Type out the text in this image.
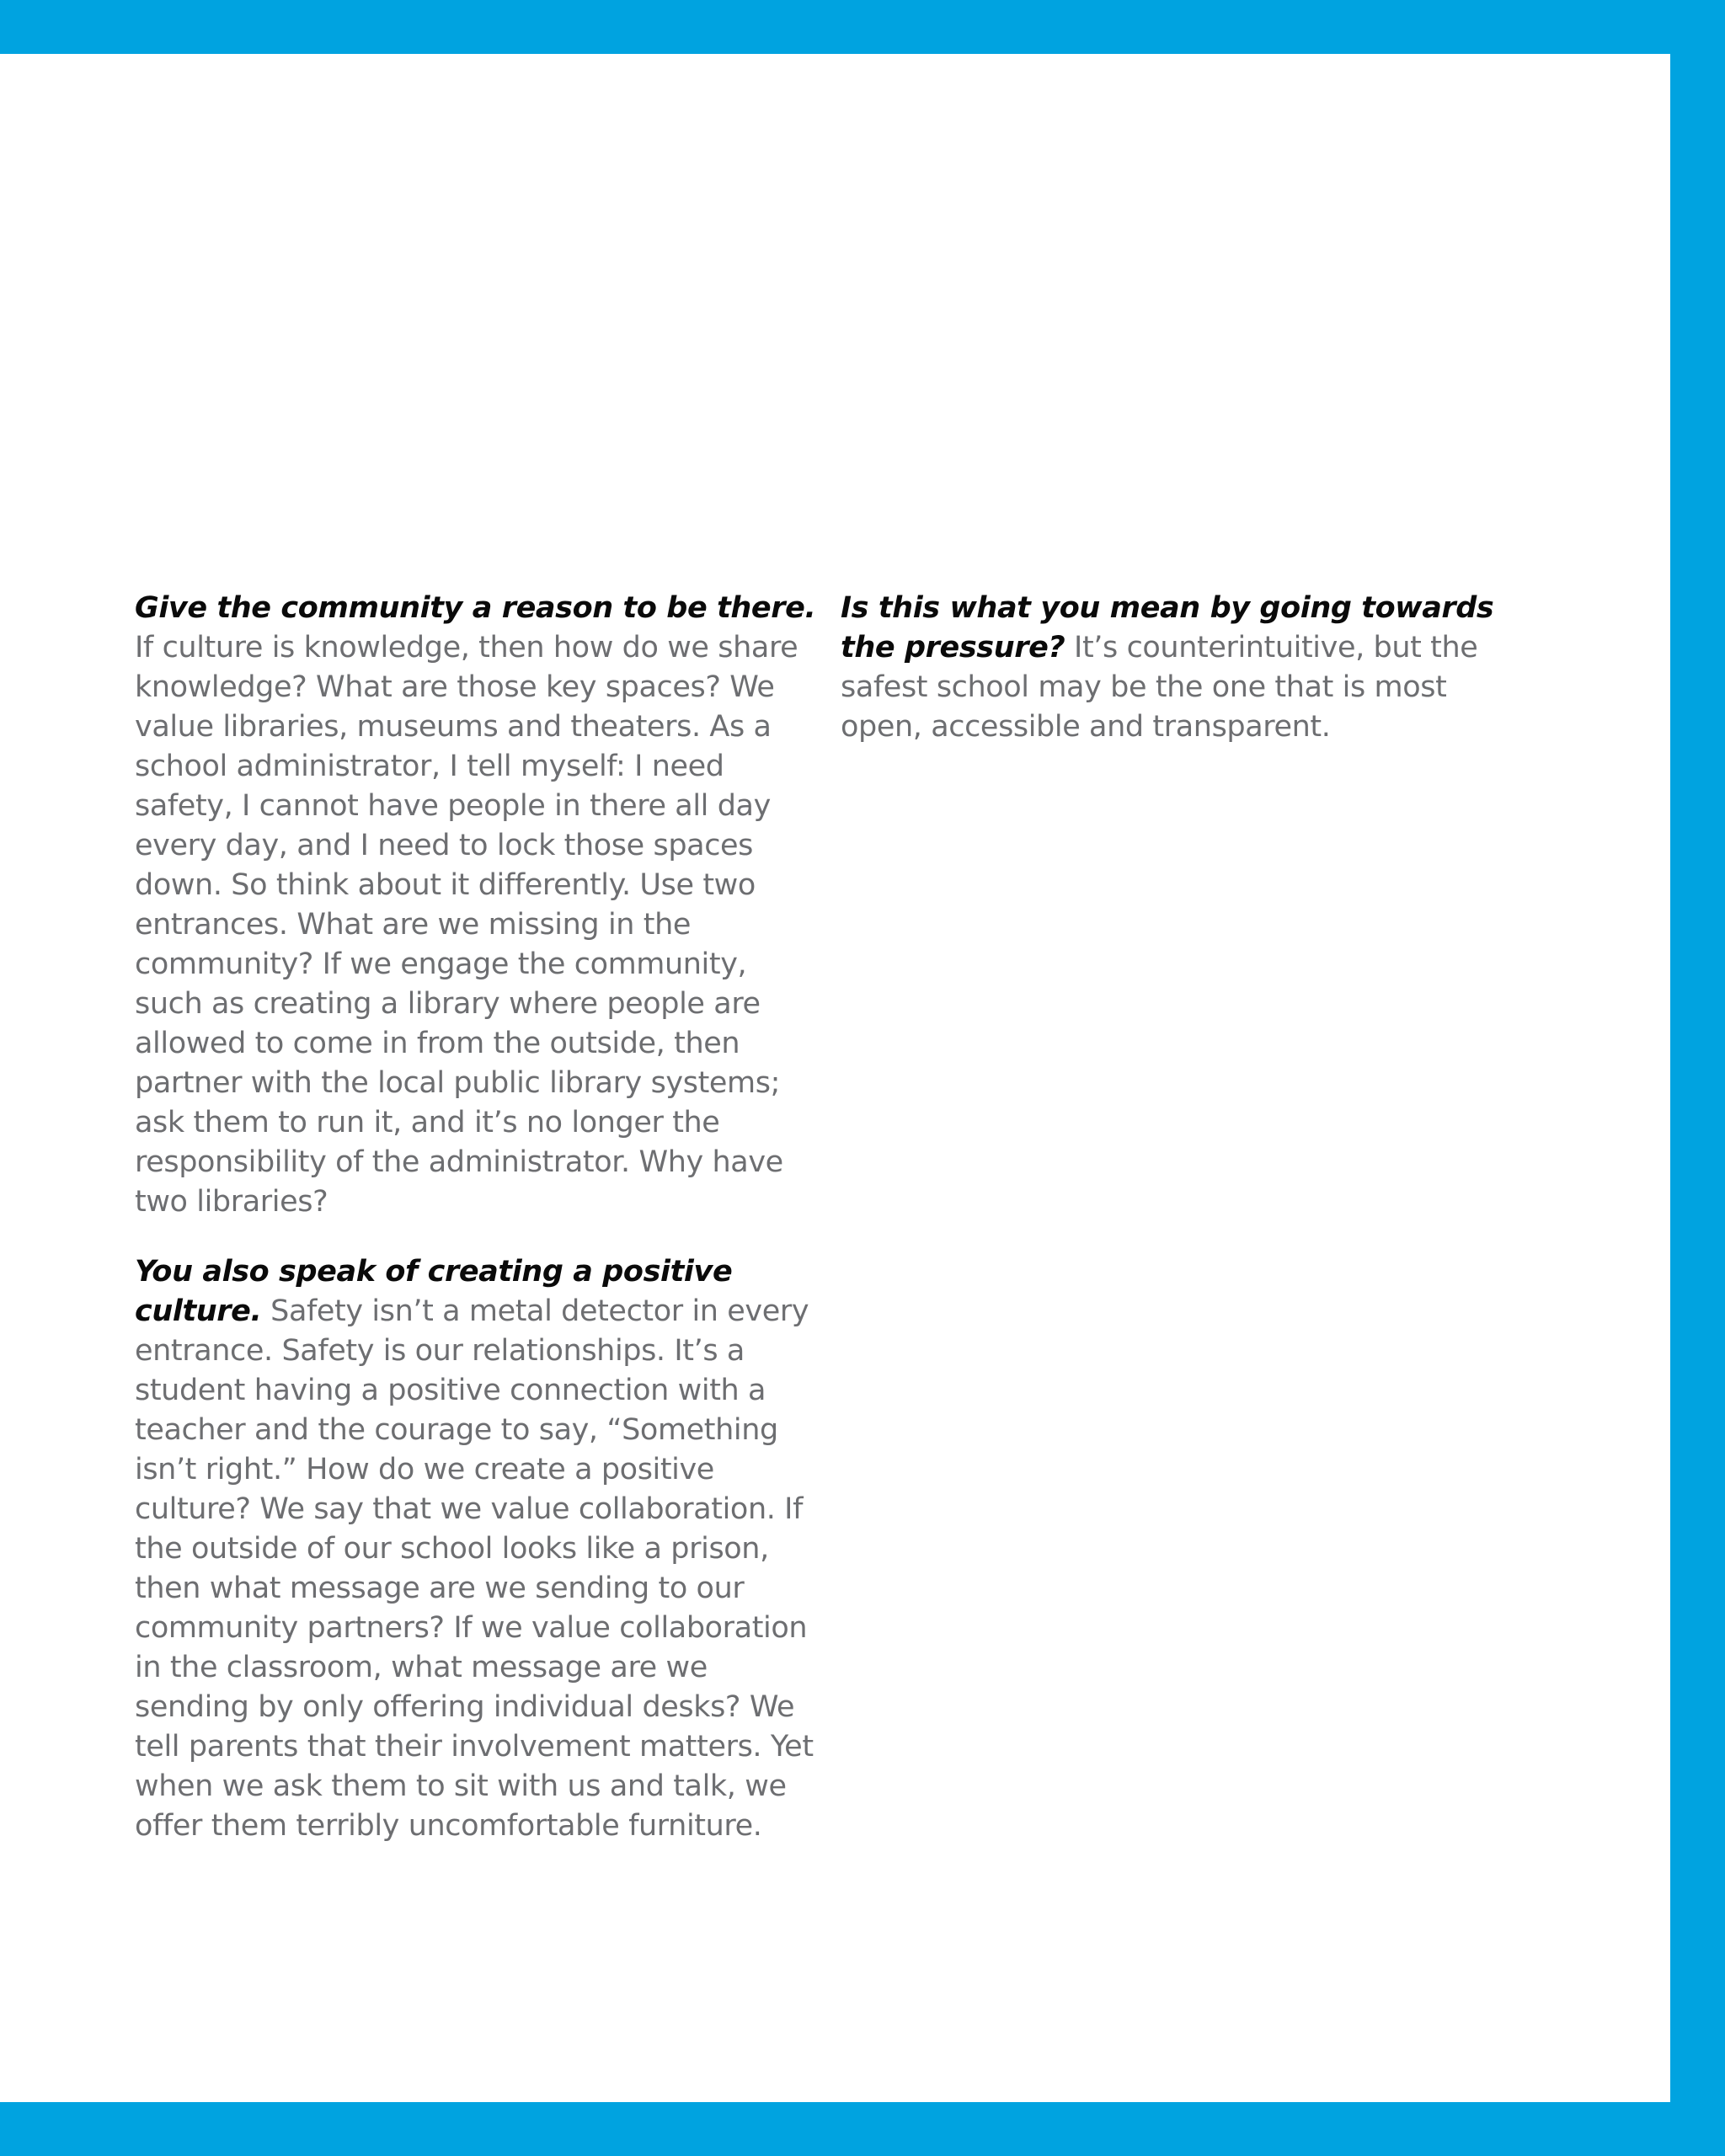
Give the community a reason to be there. If culture is knowledge, then how do we share knowledge? What are those key spaces? We value libraries, museums and theaters. As a school administrator, I tell myself: I need safety, I cannot have people in there all day every day, and I need to lock those spaces down. So think about it differently. Use two entrances. What are we missing in the community? If we engage the community, such as creating a library where people are allowed to come in from the outside, then partner with the local public library systems; ask them to run it, and it’s no longer the responsibility of the administrator. Why have two libraries?

You also speak of creating a positive culture. Safety isn’t a metal detector in every entrance. Safety is our relationships. It’s a student having a positive connection with a teacher and the courage to say, “Something isn’t right.” How do we create a positive culture? We say that we value collaboration. If the outside of our school looks like a prison, then what message are we sending to our community partners? If we value collaboration in the classroom, what message are we sending by only offering individual desks? We tell parents that their involvement matters. Yet when we ask them to sit with us and talk, we offer them terribly uncomfortable furniture.

Is this what you mean by going towards the pressure? It’s counterintuitive, but the safest school may be the one that is most open, accessible and transparent.
